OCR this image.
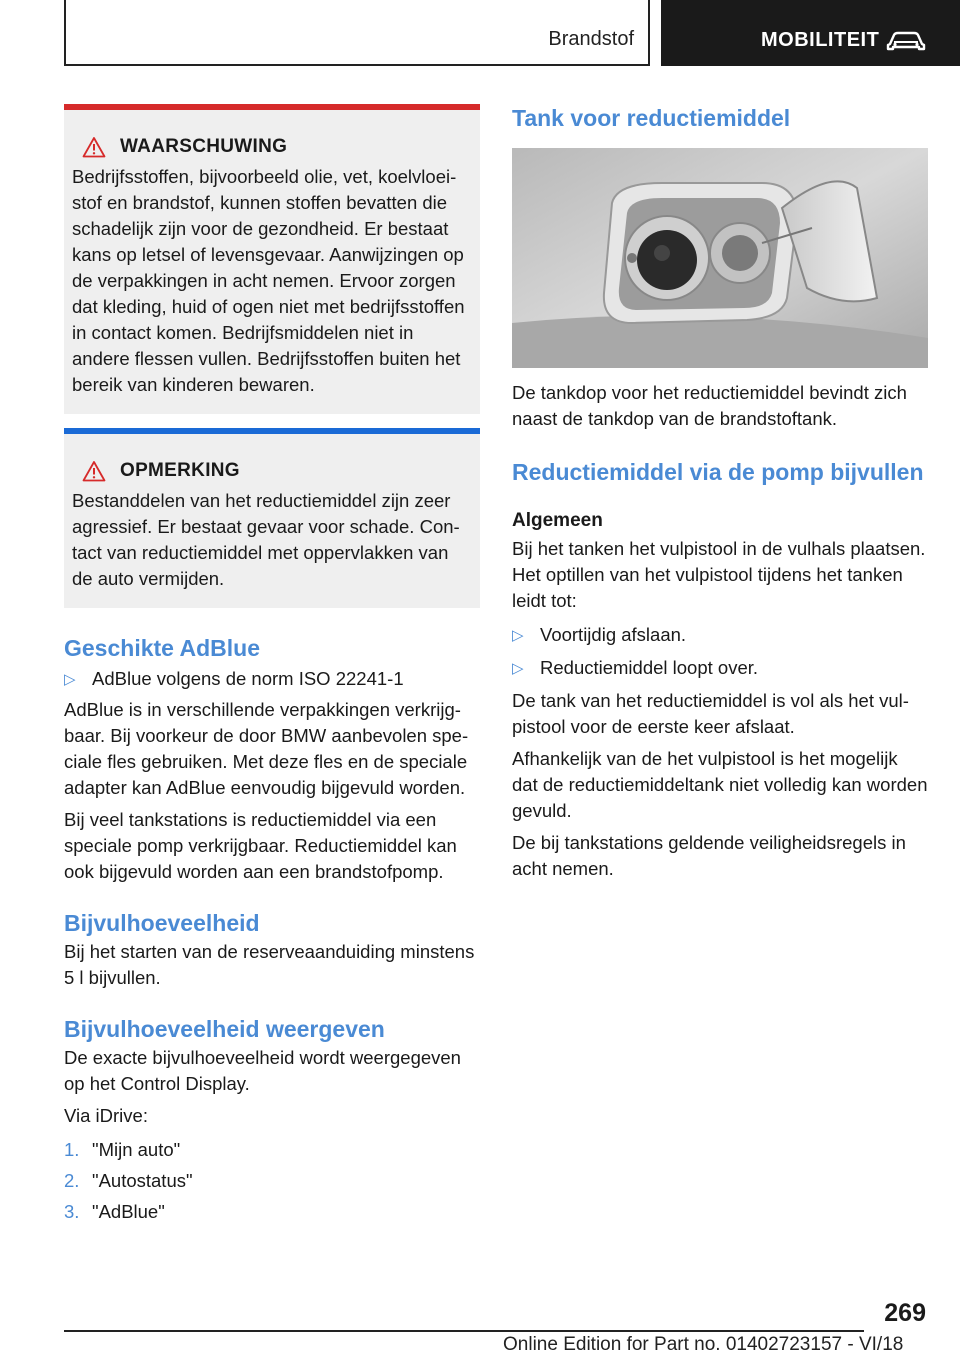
Brandstof	MOBILITEIT
WAARSCHUWING

Bedrijfsstoffen, bijvoorbeeld olie, vet, koelvloeistof en brandstof, kunnen stoffen bevatten die schadelijk zijn voor de gezondheid. Er bestaat kans op letsel of levensgevaar. Aanwijzingen op de verpakkingen in acht nemen. Ervoor zorgen dat kleding, huid of ogen niet met bedrijfsstoffen in contact komen. Bedrijfsmiddelen niet in andere flessen vullen. Bedrijfsstoffen buiten het bereik van kinderen bewaren.

OPMERKING

Bestanddelen van het reductiemiddel zijn zeer agressief. Er bestaat gevaar voor schade. Contact van reductiemiddel met oppervlakken van de auto vermijden.

Geschikte AdBlue
▷ AdBlue volgens de norm ISO 22241-1

AdBlue is in verschillende verpakkingen verkrijgbaar. Bij voorkeur de door BMW aanbevolen speciale fles gebruiken. Met deze fles en de speciale adapter kan AdBlue eenvoudig bijgevuld worden.

Bij veel tankstations is reductiemiddel via een speciale pomp verkrijgbaar. Reductiemiddel kan ook bijgevuld worden aan een brandstofpomp.

Bijvulhoeveelheid

Bij het starten van de reserveaanduiding minstens 5 l bijvullen.

Bijvulhoeveelheid weergeven

De exacte bijvulhoeveelheid wordt weergegeven op het Control Display.

Via iDrive:

1. "Mijn auto"
2. "Autostatus"
3. "AdBlue"
Tank voor reductiemiddel

De tankdop voor het reductiemiddel bevindt zich naast de tankdop van de brandstoftank.

Reductiemiddel via de pomp bijvullen
Algemeen

Bij het tanken het vulpistool in de vulhals plaatsen. Het optillen van het vulpistool tijdens het tanken leidt tot:

▷ Voortijdig afslaan.
▷ Reductiemiddel loopt over.

De tank van het reductiemiddel is vol als het vulpistool voor de eerste keer afslaat.

Afhankelijk van de het vulpistool is het mogelijk dat de reductiemiddeltank niet volledig kan worden gevuld.

De bij tankstations geldende veiligheidsregels in acht nemen.

269
Online Edition for Part no. 01402723157 - VI/18
